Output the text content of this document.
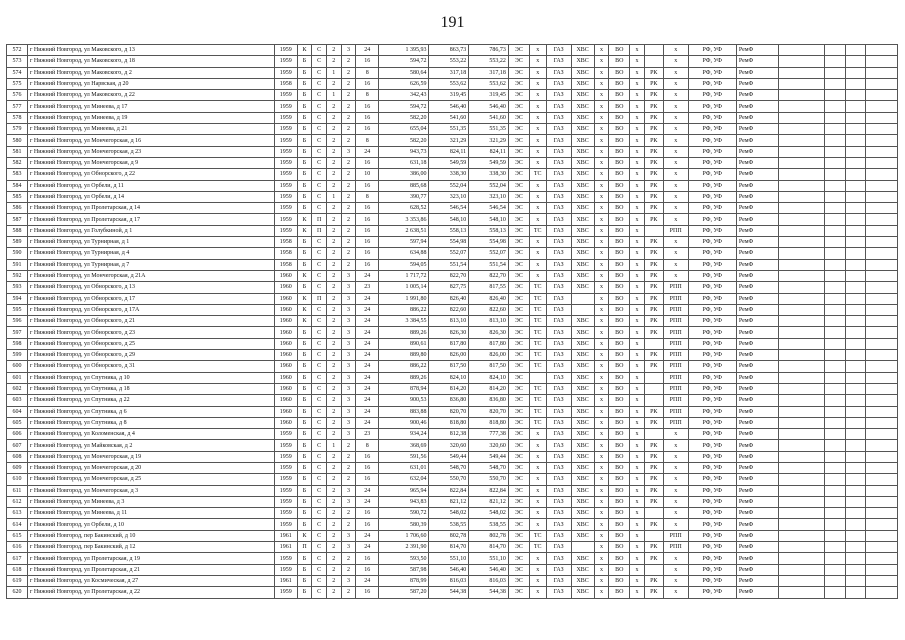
191
572	г Нижний Новгород, ул Маковского, д 13	1959	К	С	2	3	24	1 395,93	863,73	786,73	ЭС	х	ГАЗ	ХВС	х	ВО	х		х	РФ, УФ	РемФ				
573	г Нижний Новгород, ул Маковского, д 18	1959	Б	С	2	2	16	594,72	553,22	553,22	ЭС	х	ГАЗ	ХВС	х	ВО	х		х	РФ, УФ	РемФ				
574	г Нижний Новгород, ул Маковского, д 2	1959	Б	С	1	2	8	580,64	317,18	317,18	ЭС	х	ГАЗ	ХВС	х	ВО	х	РК	х	РФ, УФ	РемФ				
575	г Нижний Новгород, ул Нарвская, д 20	1958	Б	С	2	2	16	626,59	553,62	553,62	ЭС	х	ГАЗ	ХВС	х	ВО	х	РК	х	РФ, УФ	РемФ				
576	г Нижний Новгород, ул Маковского, д 22	1959	Б	С	1	2	8	342,43	319,45	319,45	ЭС	х	ГАЗ	ХВС	х	ВО	х	РК	х	РФ, УФ	РемФ				
577	г Нижний Новгород, ул Минеева, д 17	1959	Б	С	2	2	16	594,72	546,40	546,40	ЭС	х	ГАЗ	ХВС	х	ВО	х	РК	х	РФ, УФ	РемФ				
578	г Нижний Новгород, ул Минеева, д 19	1959	Б	С	2	2	16	582,20	541,60	541,60	ЭС	х	ГАЗ	ХВС	х	ВО	х	РК	х	РФ, УФ	РемФ				
579	г Нижний Новгород, ул Минеева, д 21	1959	Б	С	2	2	16	655,04	551,35	551,35	ЭС	х	ГАЗ	ХВС	х	ВО	х	РК	х	РФ, УФ	РемФ				
580	г Нижний Новгород, ул Мончегорская, д 16	1959	Б	С	2	2	8	582,20	321,29	321,29	ЭС	х	ГАЗ	ХВС	х	ВО	х	РК	х	РФ, УФ	РемФ				
581	г Нижний Новгород, ул Мончегорская, д 23	1959	Б	С	2	3	24	943,73	824,11	824,11	ЭС	х	ГАЗ	ХВС	х	ВО	х	РК	х	РФ, УФ	РемФ				
582	г Нижний Новгород, ул Мончегорская, д 9	1959	Б	С	2	2	16	631,18	549,59	549,59	ЭС	х	ГАЗ	ХВС	х	ВО	х	РК	х	РФ, УФ	РемФ				
583	г Нижний Новгород, ул Обнорского, д 22	1959	Б	С	2	2	10	386,00	338,30	338,30	ЭС	ТС	ГАЗ	ХВС	х	ВО	х	РК	х	РФ, УФ	РемФ				
584	г Нижний Новгород, ул Орбели, д 11	1959	Б	С	2	2	16	885,68	552,04	552,04	ЭС	х	ГАЗ	ХВС	х	ВО	х	РК	х	РФ, УФ	РемФ				
585	г Нижний Новгород, ул Орбели, д 14	1959	Б	С	1	2	8	390,77	323,10	323,10	ЭС	х	ГАЗ	ХВС	х	ВО	х	РК	х	РФ, УФ	РемФ				
586	г Нижний Новгород, ул Пролетарская, д 14	1959	Б	С	2	2	16	628,52	546,54	546,54	ЭС	х	ГАЗ	ХВС	х	ВО	х	РК	х	РФ, УФ	РемФ				
587	г Нижний Новгород, ул Пролетарская, д 17	1959	К	П	2	2	16	3 353,86	548,10	548,10	ЭС	х	ГАЗ	ХВС	х	ВО	х	РК	х	РФ, УФ	РемФ				
588	г Нижний Новгород, ул Голубкиной, д 1	1959	К	П	2	2	16	2 638,51	558,13	558,13	ЭС	ТС	ГАЗ	ХВС	х	ВО	х		РПП	РФ, УФ	РемФ				
589	г Нижний Новгород, ул Турнирная, д 1	1958	Б	С	2	2	16	597,94	554,98	554,98	ЭС	х	ГАЗ	ХВС	х	ВО	х	РК	х	РФ, УФ	РемФ				
590	г Нижний Новгород, ул Турнирная, д 4	1958	Б	С	2	2	16	634,88	552,07	552,07	ЭС	х	ГАЗ	ХВС	х	ВО	х	РК	х	РФ, УФ	РемФ				
591	г Нижний Новгород, ул Турнирная, д 7	1958	Б	С	2	2	16	594,05	551,54	551,54	ЭС	х	ГАЗ	ХВС	х	ВО	х	РК	х	РФ, УФ	РемФ				
592	г Нижний Новгород, ул Мончегорская, д 21А	1960	К	С	2	3	24	1 717,72	822,70	822,70	ЭС	х	ГАЗ	ХВС	х	ВО	х	РК	х	РФ, УФ	РемФ				
593	г Нижний Новгород, ул Обнорского, д 13	1960	Б	С	2	3	23	1 005,14	827,75	817,55	ЭС	ТС	ГАЗ	ХВС	х	ВО	х	РК	РПП	РФ, УФ	РемФ				
594	г Нижний Новгород, ул Обнорского, д 17	1960	К	П	2	3	24	1 991,80	826,40	826,40	ЭС	ТС	ГАЗ		х	ВО	х	РК	РПП	РФ, УФ	РемФ				
595	г Нижний Новгород, ул Обнорского, д 17А	1960	К	С	2	3	24	886,22	822,60	822,60	ЭС	ТС	ГАЗ		х	ВО	х	РК	РПП	РФ, УФ	РемФ				
596	г Нижний Новгород, ул Обнорского, д 21	1960	К	С	2	3	24	3 384,55	813,10	813,10	ЭС	ТС	ГАЗ	ХВС	х	ВО	х	РК	РПП	РФ, УФ	РемФ				
597	г Нижний Новгород, ул Обнорского, д 23	1960	Б	С	2	3	24	889,26	826,30	826,30	ЭС	ТС	ГАЗ	ХВС	х	ВО	х	РК	РПП	РФ, УФ	РемФ				
598	г Нижний Новгород, ул Обнорского, д 25	1960	Б	С	2	3	24	890,61	817,80	817,80	ЭС	ТС	ГАЗ	ХВС	х	ВО	х		РПП	РФ, УФ	РемФ				
599	г Нижний Новгород, ул Обнорского, д 29	1960	Б	С	2	3	24	889,80	826,00	826,00	ЭС	ТС	ГАЗ	ХВС	х	ВО	х	РК	РПП	РФ, УФ	РемФ				
600	г Нижний Новгород, ул Обнорского, д 31	1960	Б	С	2	3	24	886,22	817,50	817,50	ЭС	ТС	ГАЗ	ХВС	х	ВО	х	РК	РПП	РФ, УФ	РемФ				
601	г Нижний Новгород, ул Спутника, д 10	1960	Б	С	2	3	24	889,26	824,10	824,10	ЭС		ГАЗ	ХВС	х	ВО	х		РПП	РФ, УФ	РемФ				
602	г Нижний Новгород, ул Спутника, д 18	1960	Б	С	2	3	24	878,94	814,20	814,20	ЭС	ТС	ГАЗ	ХВС	х	ВО	х		РПП	РФ, УФ	РемФ				
603	г Нижний Новгород, ул Спутника, д 22	1960	Б	С	2	3	24	900,53	836,80	836,80	ЭС	ТС	ГАЗ	ХВС	х	ВО	х		РПП	РФ, УФ	РемФ				
604	г Нижний Новгород, ул Спутника, д 6	1960	Б	С	2	3	24	883,88	820,70	820,70	ЭС	ТС	ГАЗ	ХВС	х	ВО	х	РК	РПП	РФ, УФ	РемФ				
605	г Нижний Новгород, ул Спутника, д 8	1960	Б	С	2	3	24	900,46	818,80	818,80	ЭС	ТС	ГАЗ	ХВС	х	ВО	х	РК	РПП	РФ, УФ	РемФ				
606	г Нижний Новгород, ул Коломенская, д 4	1959	Б	С	2	3	23	934,24	812,38	777,38	ЭС	х	ГАЗ	ХВС	х	ВО	х		х	РФ, УФ	РемФ				
607	г Нижний Новгород, ул Майковская, д 2	1959	Б	С	1	2	8	368,69	320,60	320,60	ЭС	х	ГАЗ	ХВС	х	ВО	х	РК	х	РФ, УФ	РемФ				
608	г Нижний Новгород, ул Мончегорская, д 19	1959	Б	С	2	2	16	591,56	549,44	549,44	ЭС	х	ГАЗ	ХВС	х	ВО	х	РК	х	РФ, УФ	РемФ				
609	г Нижний Новгород, ул Мончегорская, д 20	1959	Б	С	2	2	16	631,01	548,70	548,70	ЭС	х	ГАЗ	ХВС	х	ВО	х	РК	х	РФ, УФ	РемФ				
610	г Нижний Новгород, ул Мончегорская, д 25	1959	Б	С	2	2	16	632,04	550,70	550,70	ЭС	х	ГАЗ	ХВС	х	ВО	х	РК	х	РФ, УФ	РемФ				
611	г Нижний Новгород, ул Мончегорская, д 3	1959	Б	С	2	3	24	965,94	822,84	822,84	ЭС	х	ГАЗ	ХВС	х	ВО	х	РК	х	РФ, УФ	РемФ				
612	г Нижний Новгород, ул Минеева, д 3	1959	Б	С	2	3	24	943,83	821,12	821,12	ЭС	х	ГАЗ	ХВС	х	ВО	х	РК	х	РФ, УФ	РемФ				
613	г Нижний Новгород, ул Минеева, д 11	1959	Б	С	2	2	16	590,72	548,02	548,02	ЭС	х	ГАЗ	ХВС	х	ВО	х		х	РФ, УФ	РемФ				
614	г Нижний Новгород, ул Орбели, д 10	1959	Б	С	2	2	16	580,39	538,55	538,55	ЭС	х	ГАЗ	ХВС	х	ВО	х	РК	х	РФ, УФ	РемФ				
615	г Нижний Новгород, пер Бакинский, д 10	1961	К	С	2	3	24	1 706,60	802,78	802,78	ЭС	ТС	ГАЗ	ХВС	х	ВО	х		РПП	РФ, УФ	РемФ				
616	г Нижний Новгород, пер Бакинский, д 12	1961	П	С	2	3	24	2 391,90	814,70	814,70	ЭС	ТС	ГАЗ		х	ВО	х	РК	РПП	РФ, УФ	РемФ				
617	г Нижний Новгород, ул Пролетарская, д 19	1959	Б	С	2	2	16	593,50	551,10	551,10	ЭС	х	ГАЗ	ХВС	х	ВО	х	РК	х	РФ, УФ	РемФ				
618	г Нижний Новгород, ул Пролетарская, д 21	1959	Б	С	2	2	16	587,98	546,40	546,40	ЭС	х	ГАЗ	ХВС	х	ВО	х		х	РФ, УФ	РемФ				
619	г Нижний Новгород, ул Космическая, д 27	1961	Б	С	2	3	24	878,99	816,03	816,03	ЭС	х	ГАЗ	ХВС	х	ВО	х	РК	х	РФ, УФ	РемФ				
620	г Нижний Новгород, ул Пролетарская, д 22	1959	Б	С	2	2	16	587,20	544,38	544,38	ЭС	х	ГАЗ	ХВС	х	ВО	х	РК	х	РФ, УФ	РемФ				
